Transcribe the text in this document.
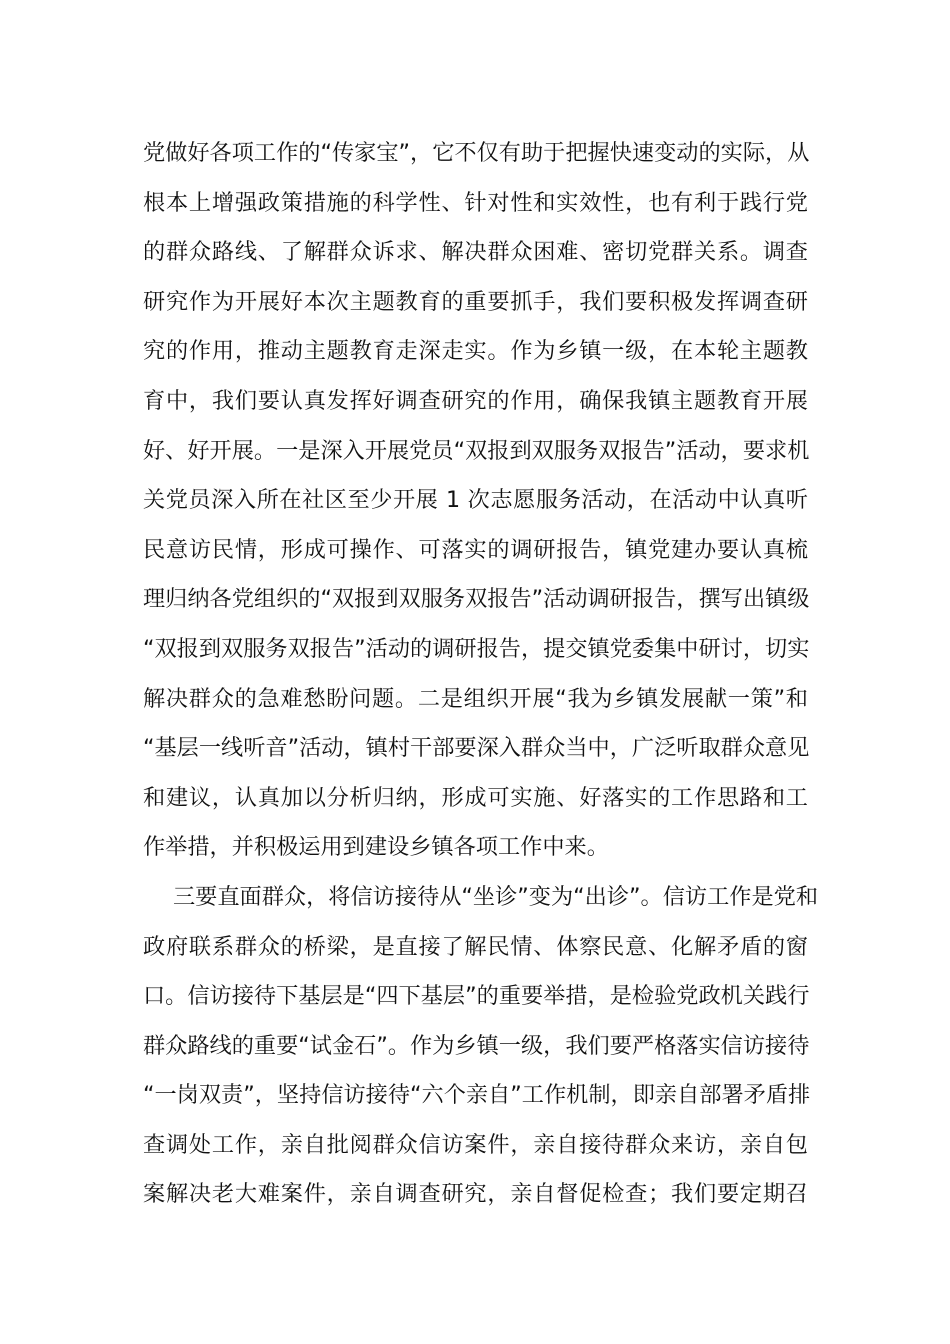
党做好各项工作的“传家宝”，它不仅有助于把握快速变动的实际，从
根本上增强政策措施的科学性、针对性和实效性，也有利于践行党
的群众路线、了解群众诉求、解决群众困难、密切党群关系。调查
研究作为开展好本次主题教育的重要抓手，我们要积极发挥调查研
究的作用，推动主题教育走深走实。作为乡镇一级，在本轮主题教
育中，我们要认真发挥好调查研究的作用，确保我镇主题教育开展
好、好开展。一是深入开展党员“双报到双服务双报告”活动，要求机
关党员深入所在社区至少开展 1 次志愿服务活动，在活动中认真听
民意访民情，形成可操作、可落实的调研报告，镇党建办要认真梳
理归纳各党组织的“双报到双服务双报告”活动调研报告，撰写出镇级
“双报到双服务双报告”活动的调研报告，提交镇党委集中研讨，切实
解决群众的急难愁盼问题。二是组织开展“我为乡镇发展献一策”和
“基层一线听音”活动，镇村干部要深入群众当中，广泛听取群众意见
和建议，认真加以分析归纳，形成可实施、好落实的工作思路和工
作举措，并积极运用到建设乡镇各项工作中来。
三要直面群众，将信访接待从“坐诊”变为“出诊”。信访工作是党和
政府联系群众的桥梁，是直接了解民情、体察民意、化解矛盾的窗
口。信访接待下基层是“四下基层”的重要举措，是检验党政机关践行
群众路线的重要“试金石”。作为乡镇一级，我们要严格落实信访接待
“一岗双责”，坚持信访接待“六个亲自”工作机制，即亲自部署矛盾排
查调处工作，亲自批阅群众信访案件，亲自接待群众来访，亲自包
案解决老大难案件，亲自调查研究，亲自督促检查；我们要定期召
